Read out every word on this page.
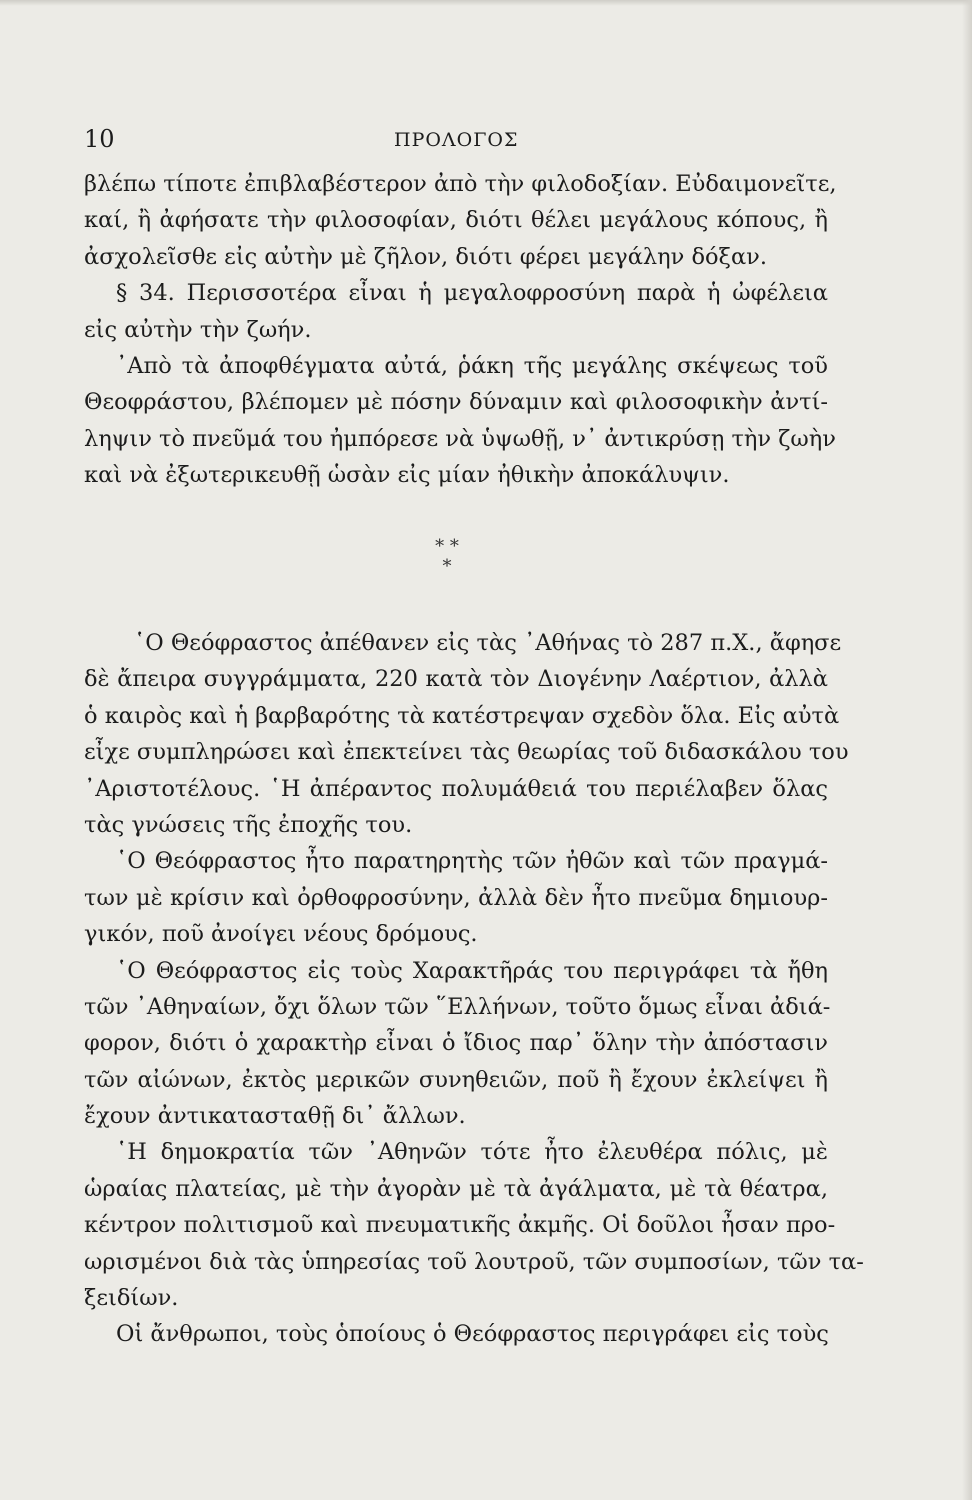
10	ΠΡΟΛΟΓΟΣ
βλέπω τίποτε ἐπιβλαβέστερον ἀπὸ τὴν φιλοδοξίαν. Εὐδαιμονεῖτε,
καί, ἢ ἀφήσατε τὴν φιλοσοφίαν, διότι θέλει μεγάλους κόπους, ἢ
ἀσχολεῖσθε εἰς αὐτὴν μὲ ζῆλον, διότι φέρει μεγάλην δόξαν.
§ 34. Περισσοτέρα εἶναι ἡ μεγαλοφροσύνη παρὰ ἡ ὠφέλεια
εἰς αὐτὴν τὴν ζωήν.
᾿Απὸ τὰ ἀποφθέγματα αὐτά, ῥάκη τῆς μεγάλης σκέψεως τοῦ
Θεοφράστου, βλέπομεν μὲ πόσην δύναμιν καὶ φιλοσοφικὴν ἀντί-
ληψιν τὸ πνεῦμά του ἠμπόρεσε νὰ ὑψωθῇ, ν᾿ ἀντικρύσῃ τὴν ζωὴν
καὶ νὰ ἐξωτερικευθῇ ὡσὰν εἰς μίαν ἠθικὴν ἀποκάλυψιν.
* *
*
῾Ο Θεόφραστος ἀπέθανεν εἰς τὰς ᾿Αθήνας τὸ 287 π.Χ., ἄφησε
δὲ ἄπειρα συγγράμματα, 220 κατὰ τὸν Διογένην Λαέρτιον, ἀλλὰ
ὁ καιρὸς καὶ ἡ βαρβαρότης τὰ κατέστρεψαν σχεδὸν ὅλα. Εἰς αὐτὰ
εἶχε συμπληρώσει καὶ ἐπεκτείνει τὰς θεωρίας τοῦ διδασκάλου του
᾿Αριστοτέλους. ῾Η ἀπέραντος πολυμάθειά του περιέλαβεν ὅλας
τὰς γνώσεις τῆς ἐποχῆς του.
῾Ο Θεόφραστος ἦτο παρατηρητὴς τῶν ἠθῶν καὶ τῶν πραγμά-
των μὲ κρίσιν καὶ ὀρθοφροσύνην, ἀλλὰ δὲν ἦτο πνεῦμα δημιουρ-
γικόν, ποῦ ἀνοίγει νέους δρόμους.
῾Ο Θεόφραστος εἰς τοὺς Χαρακτῆράς του περιγράφει τὰ ἤθη
τῶν ᾿Αθηναίων, ὄχι ὅλων τῶν ῞Ελλήνων, τοῦτο ὅμως εἶναι ἀδιά-
φορον, διότι ὁ χαρακτὴρ εἶναι ὁ ἴδιος παρ᾿ ὅλην τὴν ἀπόστασιν
τῶν αἰώνων, ἐκτὸς μερικῶν συνηθειῶν, ποῦ ἢ ἔχουν ἐκλείψει ἢ
ἔχουν ἀντικατασταθῇ δι᾿ ἄλλων.
῾Η δημοκρατία τῶν ᾿Αθηνῶν τότε ἦτο ἐλευθέρα πόλις, μὲ
ὡραίας πλατείας, μὲ τὴν ἀγορὰν μὲ τὰ ἀγάλματα, μὲ τὰ θέατρα,
κέντρον πολιτισμοῦ καὶ πνευματικῆς ἀκμῆς. Οἱ δοῦλοι ἦσαν προ-
ωρισμένοι διὰ τὰς ὑπηρεσίας τοῦ λουτροῦ, τῶν συμποσίων, τῶν τα-
ξειδίων.
Οἱ ἄνθρωποι, τοὺς ὁποίους ὁ Θεόφραστος περιγράφει εἰς τοὺς
